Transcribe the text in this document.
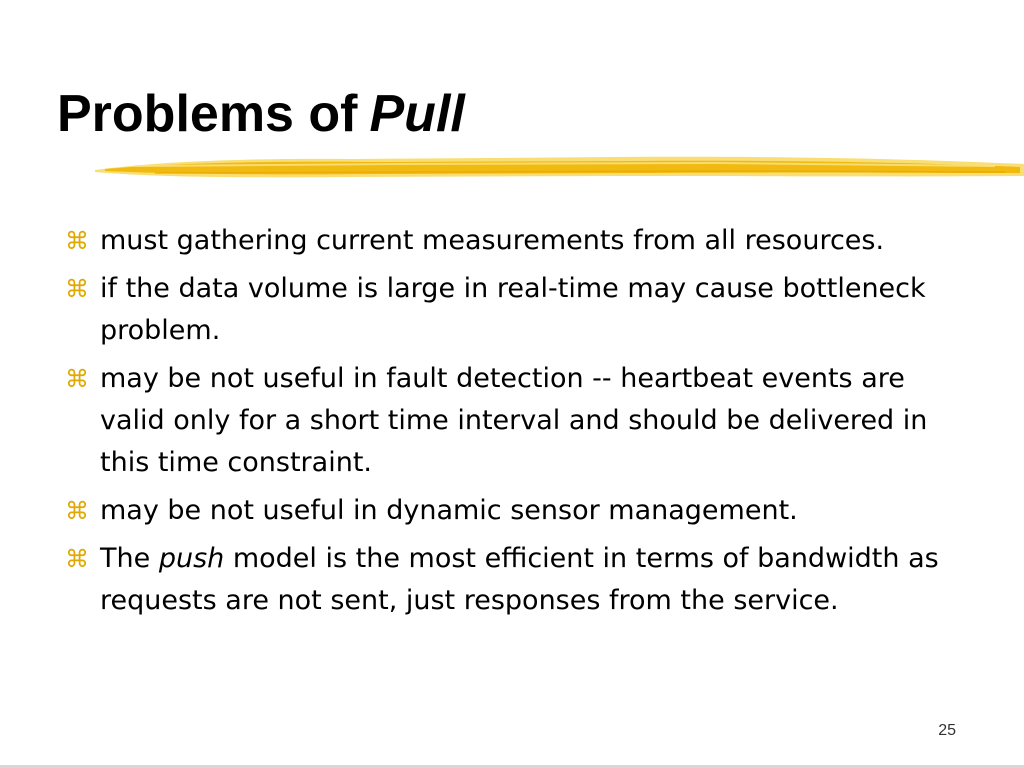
Problems of Pull
⌘ must gathering current measurements from all resources.
⌘ if the data volume is large in real-time may cause bottleneck problem.
⌘ may be not useful in fault detection -- heartbeat events are valid only for a short time interval and should be delivered in this time constraint.
⌘ may be not useful in dynamic sensor management.
⌘ The push model is the most efficient in terms of bandwidth as requests are not sent, just responses from the service.
25
